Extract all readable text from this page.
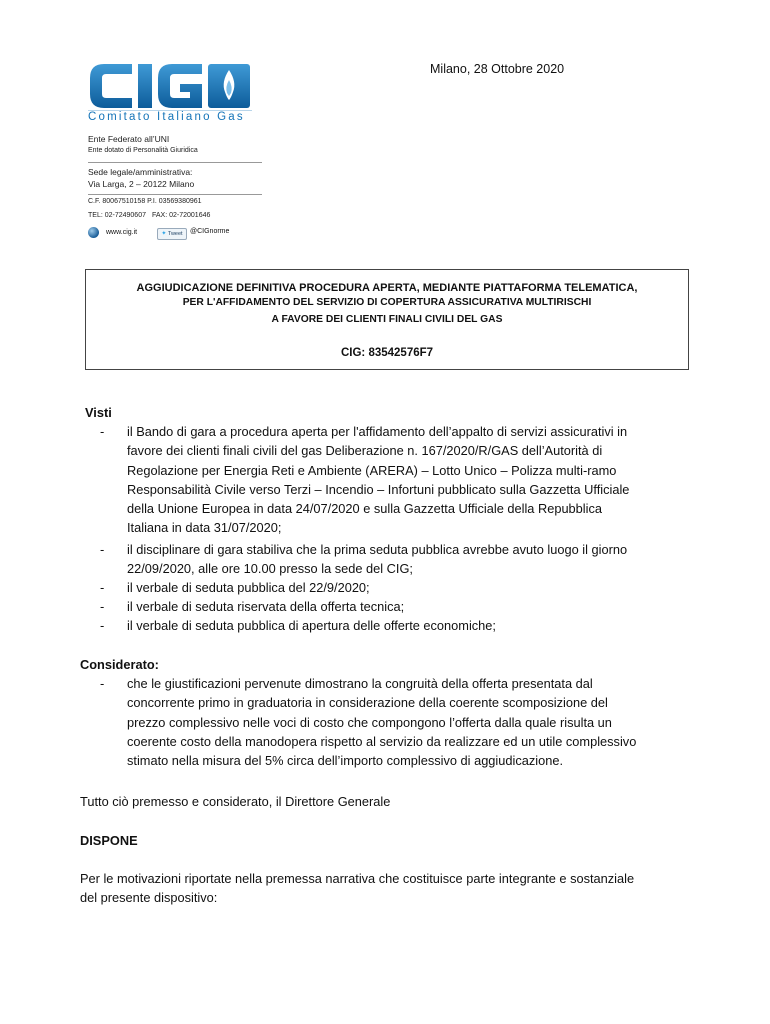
Milano, 28 Ottobre 2020
Comitato Italiano Gas
Ente Federato all’UNI
Ente dotato di Personalità Giuridica
Sede legale/amministrativa:
Via Larga, 2 – 20122 Milano
C.F. 80067510158 P.I. 03569380961
TEL: 02-72490607 FAX: 02-72001646
www.cig.it	✦ Tweet	@CIGnorme
AGGIUDICAZIONE DEFINITIVA PROCEDURA APERTA, MEDIANTE PIATTAFORMA TELEMATICA,
PER L'AFFIDAMENTO DEL SERVIZIO DI COPERTURA ASSICURATIVA MULTIRISCHI
A FAVORE DEI CLIENTI FINALI CIVILI DEL GAS
CIG: 83542576F7
Visti
- il Bando di gara a procedura aperta per l'affidamento dell’appalto di servizi assicurativi in
favore dei clienti finali civili del gas Deliberazione n. 167/2020/R/GAS dell’Autorità di
Regolazione per Energia Reti e Ambiente (ARERA) – Lotto Unico – Polizza multi-ramo
Responsabilità Civile verso Terzi – Incendio – Infortuni pubblicato sulla Gazzetta Ufficiale
della Unione Europea in data 24/07/2020 e sulla Gazzetta Ufficiale della Repubblica
Italiana in data 31/07/2020;
- il disciplinare di gara stabiliva che la prima seduta pubblica avrebbe avuto luogo il giorno
22/09/2020, alle ore 10.00 presso la sede del CIG;
- il verbale di seduta pubblica del 22/9/2020;
- il verbale di seduta riservata della offerta tecnica;
- il verbale di seduta pubblica di apertura delle offerte economiche;
Considerato:
- che le giustificazioni pervenute dimostrano la congruità della offerta presentata dal
concorrente primo in graduatoria in considerazione della coerente scomposizione del
prezzo complessivo nelle voci di costo che compongono l’offerta dalla quale risulta un
coerente costo della manodopera rispetto al servizio da realizzare ed un utile complessivo
stimato nella misura del 5% circa dell’importo complessivo di aggiudicazione.
Tutto ciò premesso e considerato, il Direttore Generale
DISPONE
Per le motivazioni riportate nella premessa narrativa che costituisce parte integrante e sostanziale
del presente dispositivo:
